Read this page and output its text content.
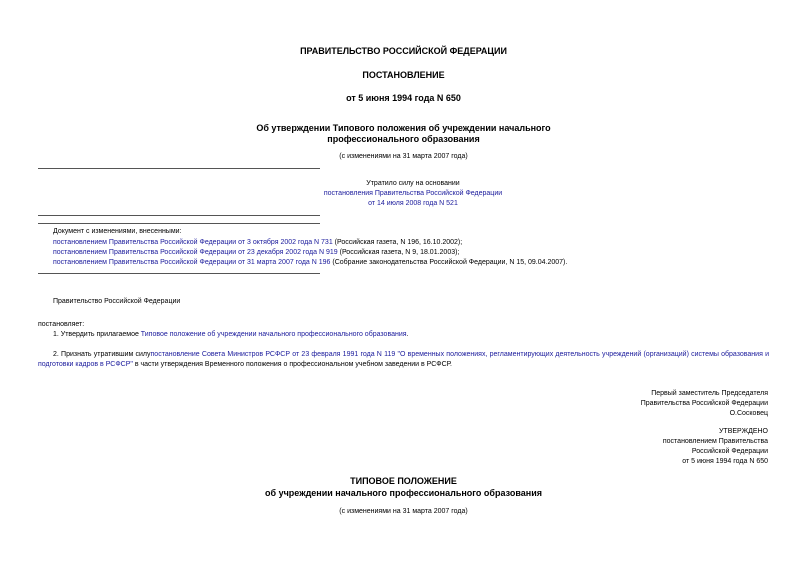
ПРАВИТЕЛЬСТВО РОССИЙСКОЙ ФЕДЕРАЦИИ
ПОСТАНОВЛЕНИЕ
от 5 июня 1994 года N 650
Об утверждении Типового положения об учреждении начального
профессионального образования
(с изменениями на 31 марта 2007 года)
Утратило силу на основании
постановления Правительства Российской Федерации
от 14 июля 2008 года N 521
Документ с изменениями, внесенными:
постановлением Правительства Российской Федерации от 3 октября 2002 года N 731 (Российская газета, N 196, 16.10.2002);
постановлением Правительства Российской Федерации от 23 декабря 2002 года N 919 (Российская газета, N 9, 18.01.2003);
постановлением Правительства Российской Федерации от 31 марта 2007 года N 196 (Собрание законодательства Российской Федерации, N 15, 09.04.2007).
Правительство Российской Федерации
постановляет:
1. Утвердить прилагаемое Типовое положение об учреждении начального профессионального образования.
2. Признать утратившим силупостановление Совета Министров РСФСР от 23 февраля 1991 года N 119 "О временных положениях, регламентирующих деятельность учреждений (организаций) системы образования и подготовки кадров в РСФСР" в части утверждения Временного положения о профессиональном учебном заведении в РСФСР.
Первый заместитель Председателя
Правительства Российской Федерации
О.Сосковец
УТВЕРЖДЕНО
постановлением Правительства
Российской Федерации
от 5 июня 1994 года N 650
ТИПОВОЕ ПОЛОЖЕНИЕ
об учреждении начального профессионального образования
(с изменениями на 31 марта 2007 года)
